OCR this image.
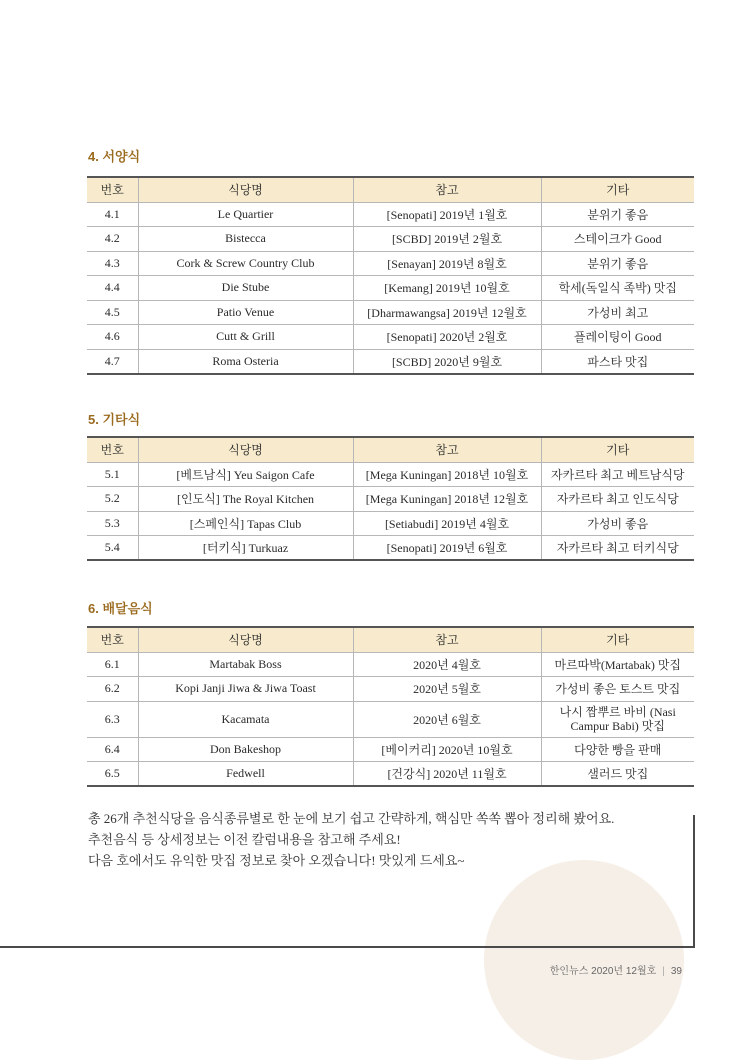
4. 서양식
번호	식당명	참고	기타
4.1	Le Quartier	[Senopati] 2019년 1월호	분위기 좋음
4.2	Bistecca	[SCBD] 2019년 2월호	스테이크가 Good
4.3	Cork & Screw Country Club	[Senayan] 2019년 8월호	분위기 좋음
4.4	Die Stube	[Kemang] 2019년 10월호	학세(독일식 족박) 맛집
4.5	Patio Venue	[Dharmawangsa] 2019년 12월호	가성비 최고
4.6	Cutt & Grill	[Senopati] 2020년 2월호	플레이팅이 Good
4.7	Roma Osteria	[SCBD] 2020년 9월호	파스타 맛집
5. 기타식
번호	식당명	참고	기타
5.1	[베트남식] Yeu Saigon Cafe	[Mega Kuningan] 2018년 10월호	자카르타 최고 베트남식당
5.2	[인도식] The Royal Kitchen	[Mega Kuningan] 2018년 12월호	자카르타 최고 인도식당
5.3	[스페인식] Tapas Club	[Setiabudi] 2019년 4월호	가성비 좋음
5.4	[터키식] Turkuaz	[Senopati] 2019년 6월호	자카르타 최고 터키식당
6. 배달음식
번호	식당명	참고	기타
6.1	Martabak Boss	2020년 4월호	마르따박(Martabak) 맛집
6.2	Kopi Janji Jiwa & Jiwa Toast	2020년 5월호	가성비 좋은 토스트 맛집
6.3	Kacamata	2020년 6월호	나시 짬뿌르 바비 (Nasi Campur Babi) 맛집
6.4	Don Bakeshop	[베이커리] 2020년 10월호	다양한 빵을 판매
6.5	Fedwell	[건강식] 2020년 11월호	샐러드 맛집

총 26개 추천식당을 음식종류별로 한 눈에 보기 쉽고 간략하게, 핵심만 쏙쏙 뽑아 정리해 봤어요.

추천음식 등 상세정보는 이전 칼럼내용을 참고해 주세요!

다음 호에서도 유익한 맛집 정보로 찾아 오겠습니다! 맛있게 드세요~

한인뉴스 2020년 12월호 | 39
